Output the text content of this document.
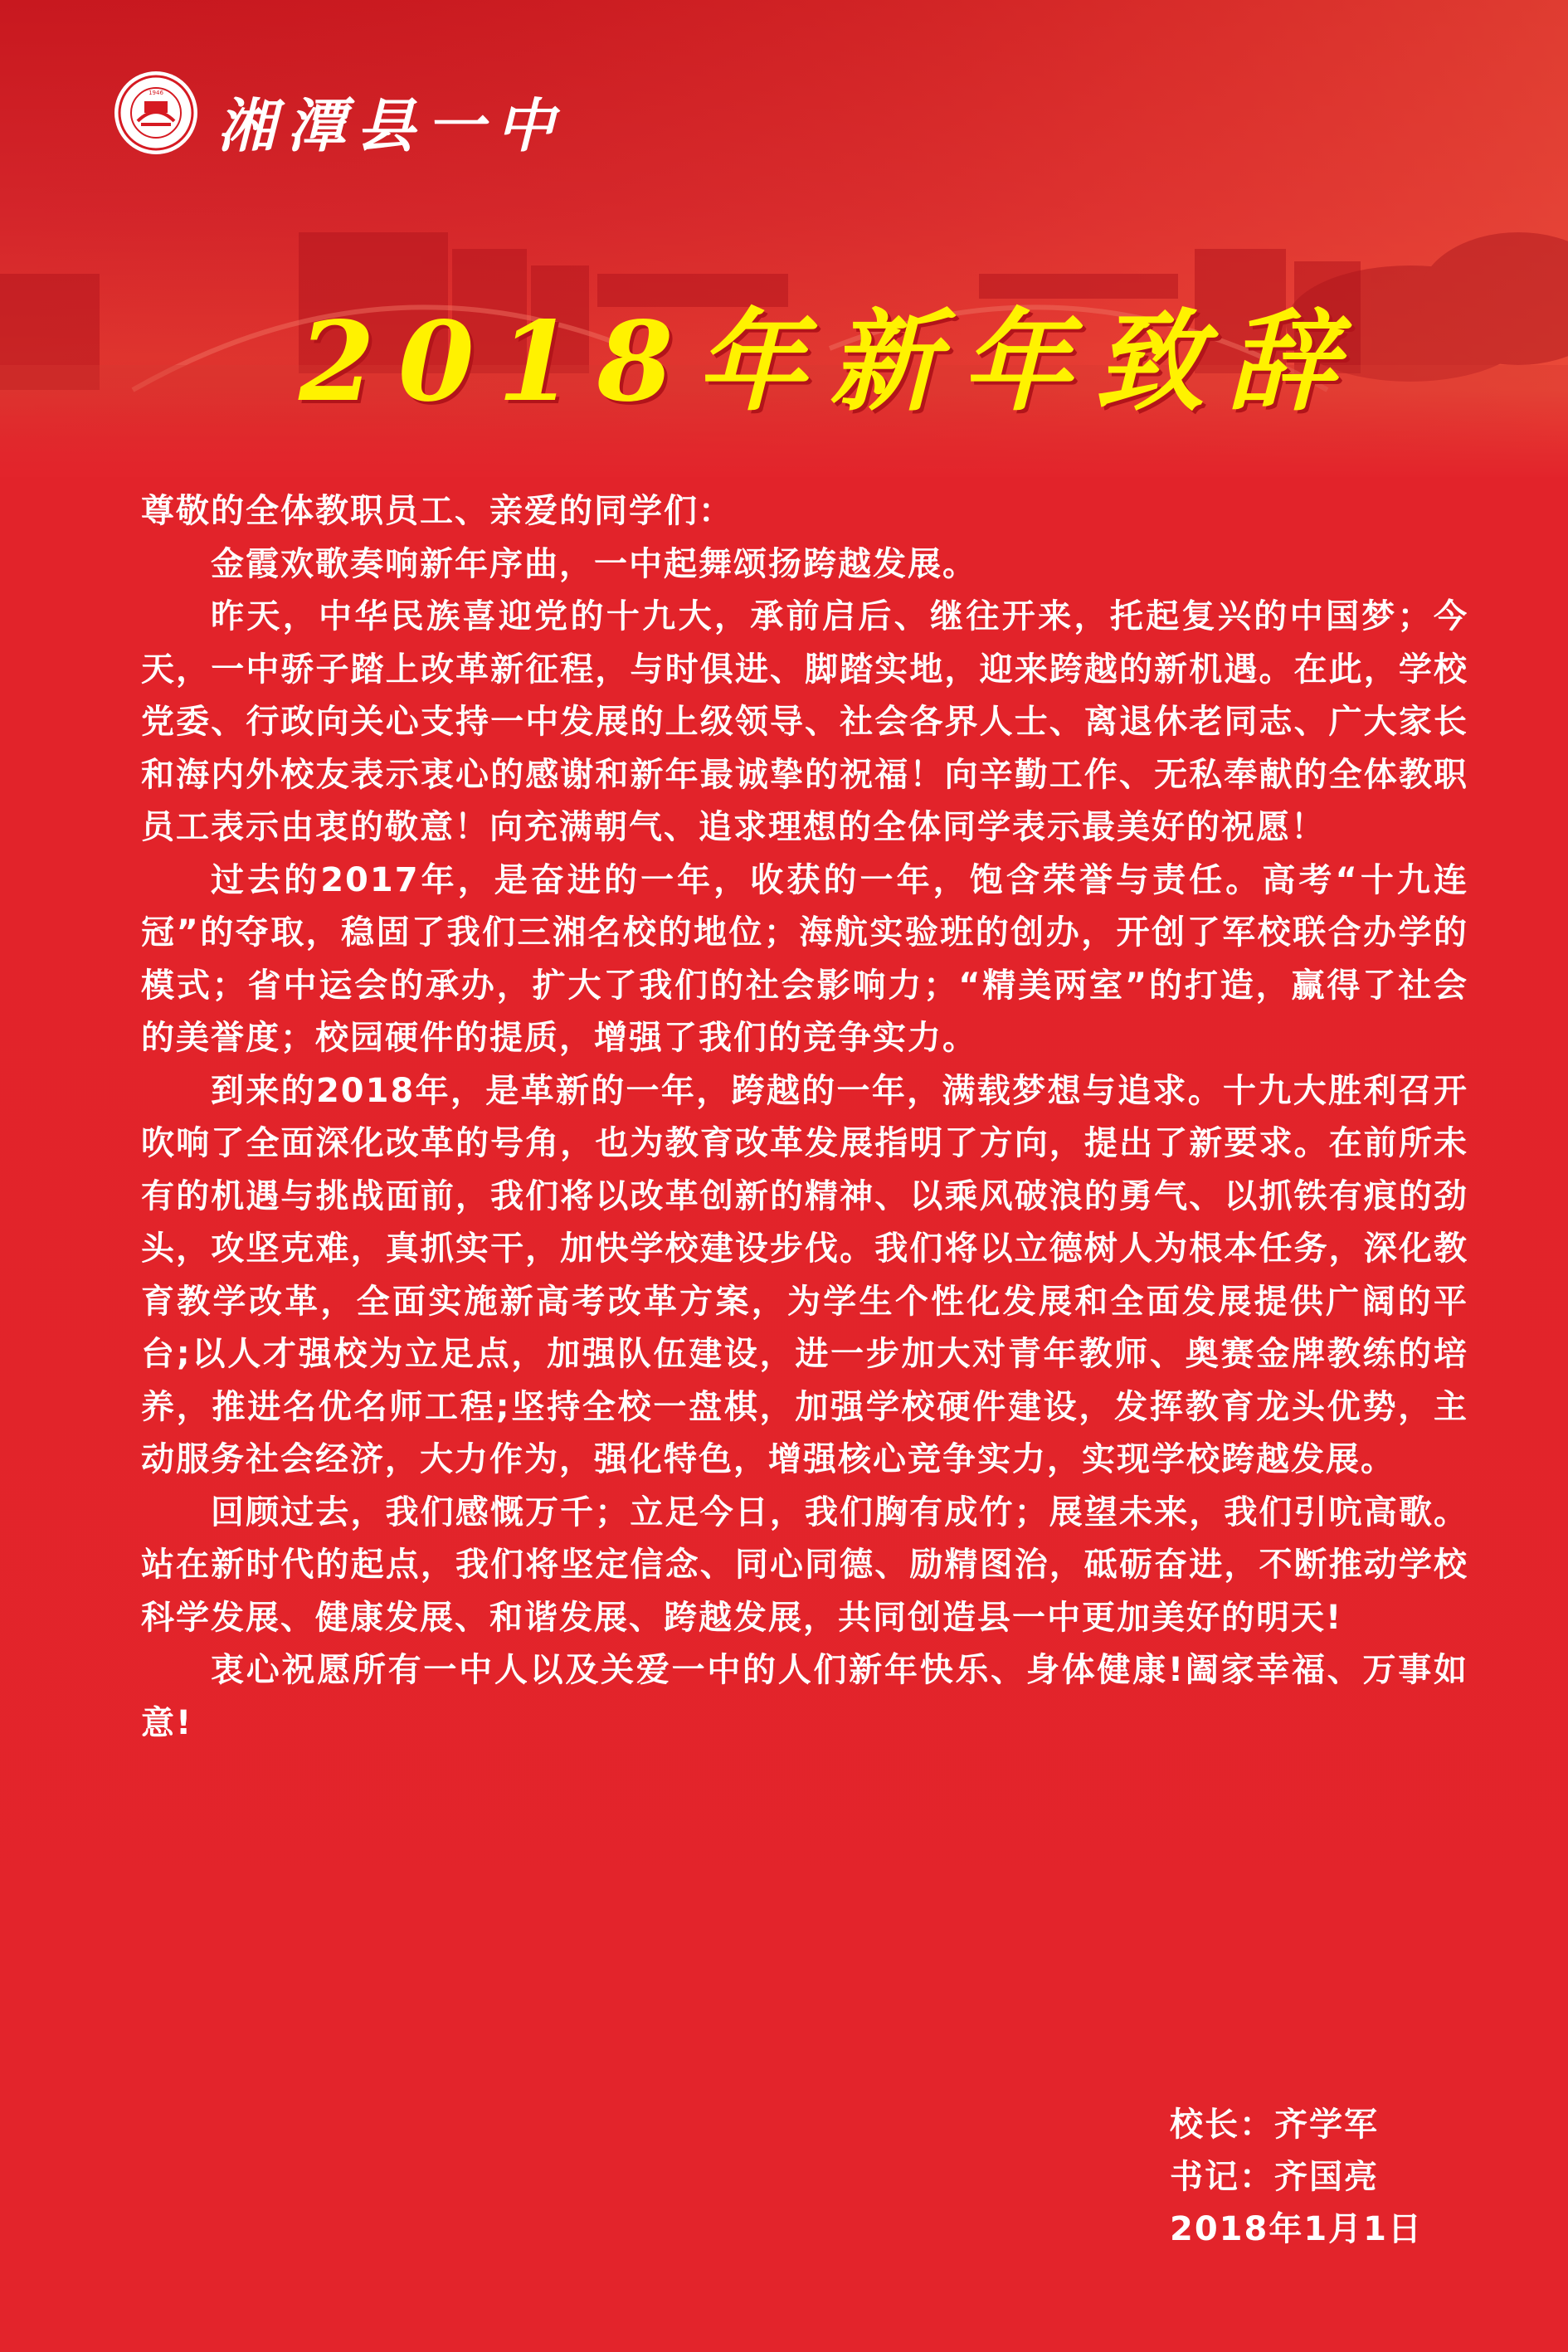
1946 湘潭县一中
2018年新年致辞

尊敬的全体教职员工、亲爱的同学们：

金霞欢歌奏响新年序曲，一中起舞颂扬跨越发展。

昨天，中华民族喜迎党的十九大，承前启后、继往开来，托起复兴的中国梦；今天，一中骄子踏上改革新征程，与时俱进、脚踏实地，迎来跨越的新机遇。在此，学校党委、行政向关心支持一中发展的上级领导、社会各界人士、离退休老同志、广大家长和海内外校友表示衷心的感谢和新年最诚挚的祝福！向辛勤工作、无私奉献的全体教职员工表示由衷的敬意！向充满朝气、追求理想的全体同学表示最美好的祝愿！

过去的2017年，是奋进的一年，收获的一年，饱含荣誉与责任。高考“十九连冠”的夺取，稳固了我们三湘名校的地位；海航实验班的创办，开创了军校联合办学的模式；省中运会的承办，扩大了我们的社会影响力；“精美两室”的打造，赢得了社会的美誉度；校园硬件的提质，增强了我们的竞争实力。

到来的2018年，是革新的一年，跨越的一年，满载梦想与追求。十九大胜利召开吹响了全面深化改革的号角，也为教育改革发展指明了方向，提出了新要求。在前所未有的机遇与挑战面前，我们将以改革创新的精神、以乘风破浪的勇气、以抓铁有痕的劲头，攻坚克难，真抓实干，加快学校建设步伐。我们将以立德树人为根本任务，深化教育教学改革，全面实施新高考改革方案，为学生个性化发展和全面发展提供广阔的平台;以人才强校为立足点，加强队伍建设，进一步加大对青年教师、奥赛金牌教练的培养，推进名优名师工程;坚持全校一盘棋，加强学校硬件建设，发挥教育龙头优势，主动服务社会经济，大力作为，强化特色，增强核心竞争实力，实现学校跨越发展。

回顾过去，我们感慨万千；立足今日，我们胸有成竹；展望未来，我们引吭高歌。站在新时代的起点，我们将坚定信念、同心同德、励精图治，砥砺奋进，不断推动学校科学发展、健康发展、和谐发展、跨越发展，共同创造县一中更加美好的明天!

衷心祝愿所有一中人以及关爱一中的人们新年快乐、身体健康!阖家幸福、万事如意!

校长：齐学军
书记：齐国亮
2018年1月1日
